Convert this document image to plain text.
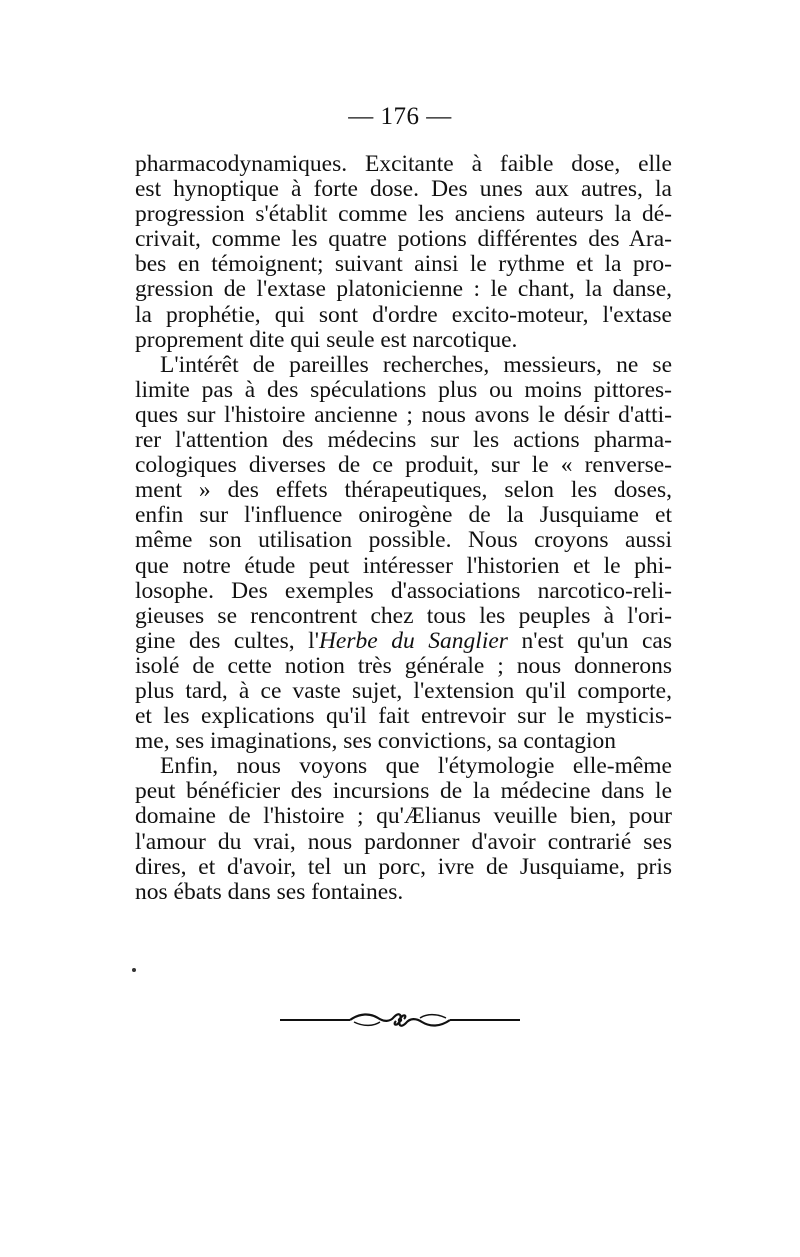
— 176 —
pharmacodynamiques. Excitante à faible dose, elle
est hynoptique à forte dose. Des unes aux autres, la
progression s'établit comme les anciens auteurs la dé-
crivait, comme les quatre potions différentes des Ara-
bes en témoignent; suivant ainsi le rythme et la pro-
gression de l'extase platonicienne : le chant, la danse,
la prophétie, qui sont d'ordre excito-moteur, l'extase
proprement dite qui seule est narcotique.
L'intérêt de pareilles recherches, messieurs, ne se
limite pas à des spéculations plus ou moins pittores-
ques sur l'histoire ancienne ; nous avons le désir d'atti-
rer l'attention des médecins sur les actions pharma-
cologiques diverses de ce produit, sur le « renverse-
ment » des effets thérapeutiques, selon les doses,
enfin sur l'influence onirogène de la Jusquiame et
même son utilisation possible. Nous croyons aussi
que notre étude peut intéresser l'historien et le phi-
losophe. Des exemples d'associations narcotico-reli-
gieuses se rencontrent chez tous les peuples à l'ori-
gine des cultes, l'Herbe du Sanglier n'est qu'un cas
isolé de cette notion très générale ; nous donnerons
plus tard, à ce vaste sujet, l'extension qu'il comporte,
et les explications qu'il fait entrevoir sur le mysticis-
me, ses imaginations, ses convictions, sa contagion
Enfin, nous voyons que l'étymologie elle-même
peut bénéficier des incursions de la médecine dans le
domaine de l'histoire ; qu'Ælianus veuille bien, pour
l'amour du vrai, nous pardonner d'avoir contrarié ses
dires, et d'avoir, tel un porc, ivre de Jusquiame, pris
nos ébats dans ses fontaines.
